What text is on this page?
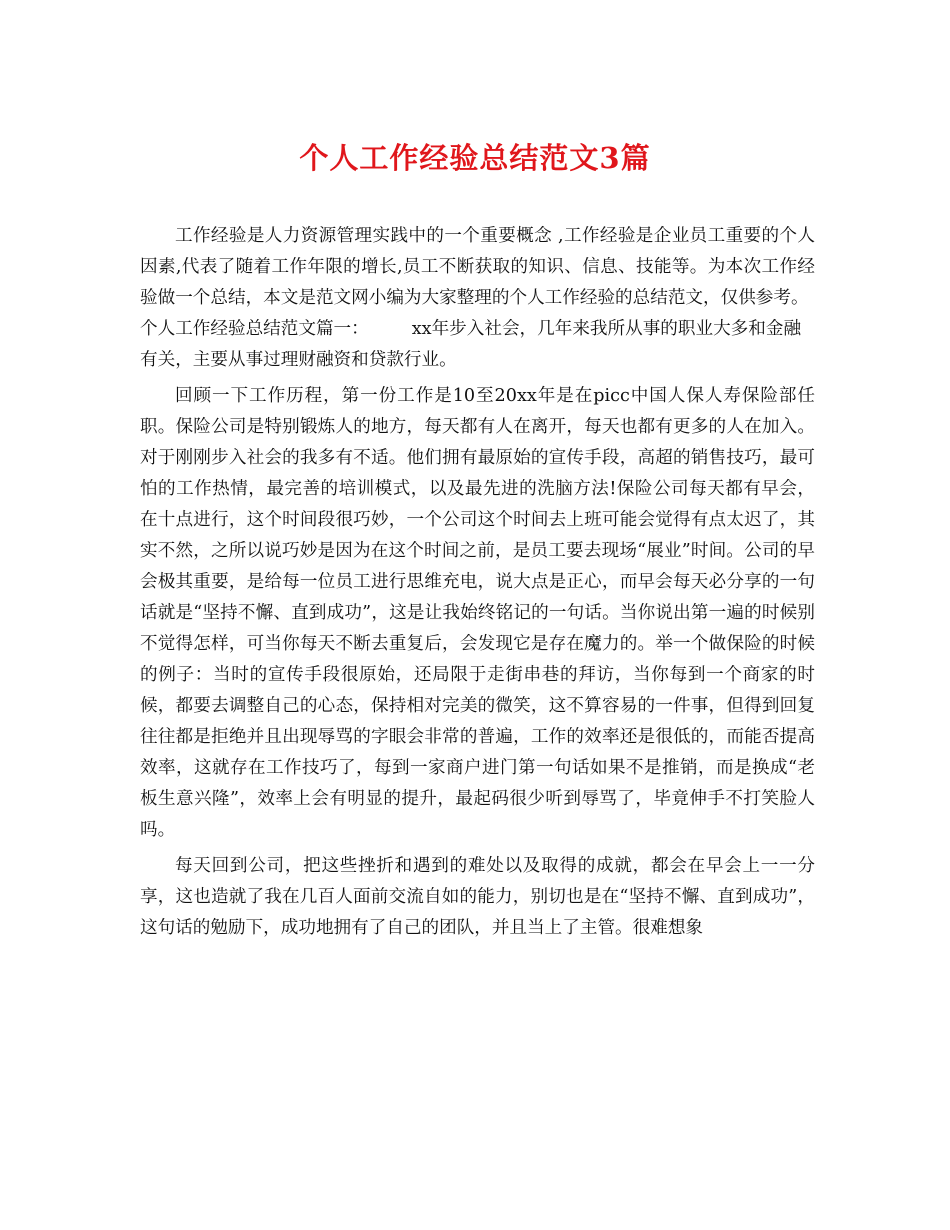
个人工作经验总结范文3篇

工作经验是人力资源管理实践中的一个重要概念 ,工作经验是企业员工重要的个人因素,代表了随着工作年限的增长,员工不断获取的知识、信息、技能等。为本次工作经验做一个总结，本文是范文网小编为大家整理的个人工作经验的总结范文，仅供参考。

个人工作经验总结范文篇一： xx年步入社会，几年来我所从事的职业大多和金融有关，主要从事过理财融资和贷款行业。

回顾一下工作历程，第一份工作是10至20xx年是在picc中国人保人寿保险部任职。保险公司是特别锻炼人的地方，每天都有人在离开，每天也都有更多的人在加入。对于刚刚步入社会的我多有不适。他们拥有最原始的宣传手段，高超的销售技巧，最可怕的工作热情，最完善的培训模式，以及最先进的洗脑方法!保险公司每天都有早会，在十点进行，这个时间段很巧妙，一个公司这个时间去上班可能会觉得有点太迟了，其实不然，之所以说巧妙是因为在这个时间之前，是员工要去现场“展业”时间。公司的早会极其重要，是给每一位员工进行思维充电，说大点是正心，而早会每天必分享的一句话就是“坚持不懈、直到成功”，这是让我始终铭记的一句话。当你说出第一遍的时候别不觉得怎样，可当你每天不断去重复后，会发现它是存在魔力的。举一个做保险的时候的例子：当时的宣传手段很原始，还局限于走街串巷的拜访，当你每到一个商家的时候，都要去调整自己的心态，保持相对完美的微笑，这不算容易的一件事，但得到回复往往都是拒绝并且出现辱骂的字眼会非常的普遍，工作的效率还是很低的，而能否提高效率，这就存在工作技巧了，每到一家商户进门第一句话如果不是推销，而是换成“老板生意兴隆”，效率上会有明显的提升，最起码很少听到辱骂了，毕竟伸手不打笑脸人吗。

每天回到公司，把这些挫折和遇到的难处以及取得的成就，都会在早会上一一分享，这也造就了我在几百人面前交流自如的能力，别切也是在“坚持不懈、直到成功”，这句话的勉励下，成功地拥有了自己的团队，并且当上了主管。很难想象
